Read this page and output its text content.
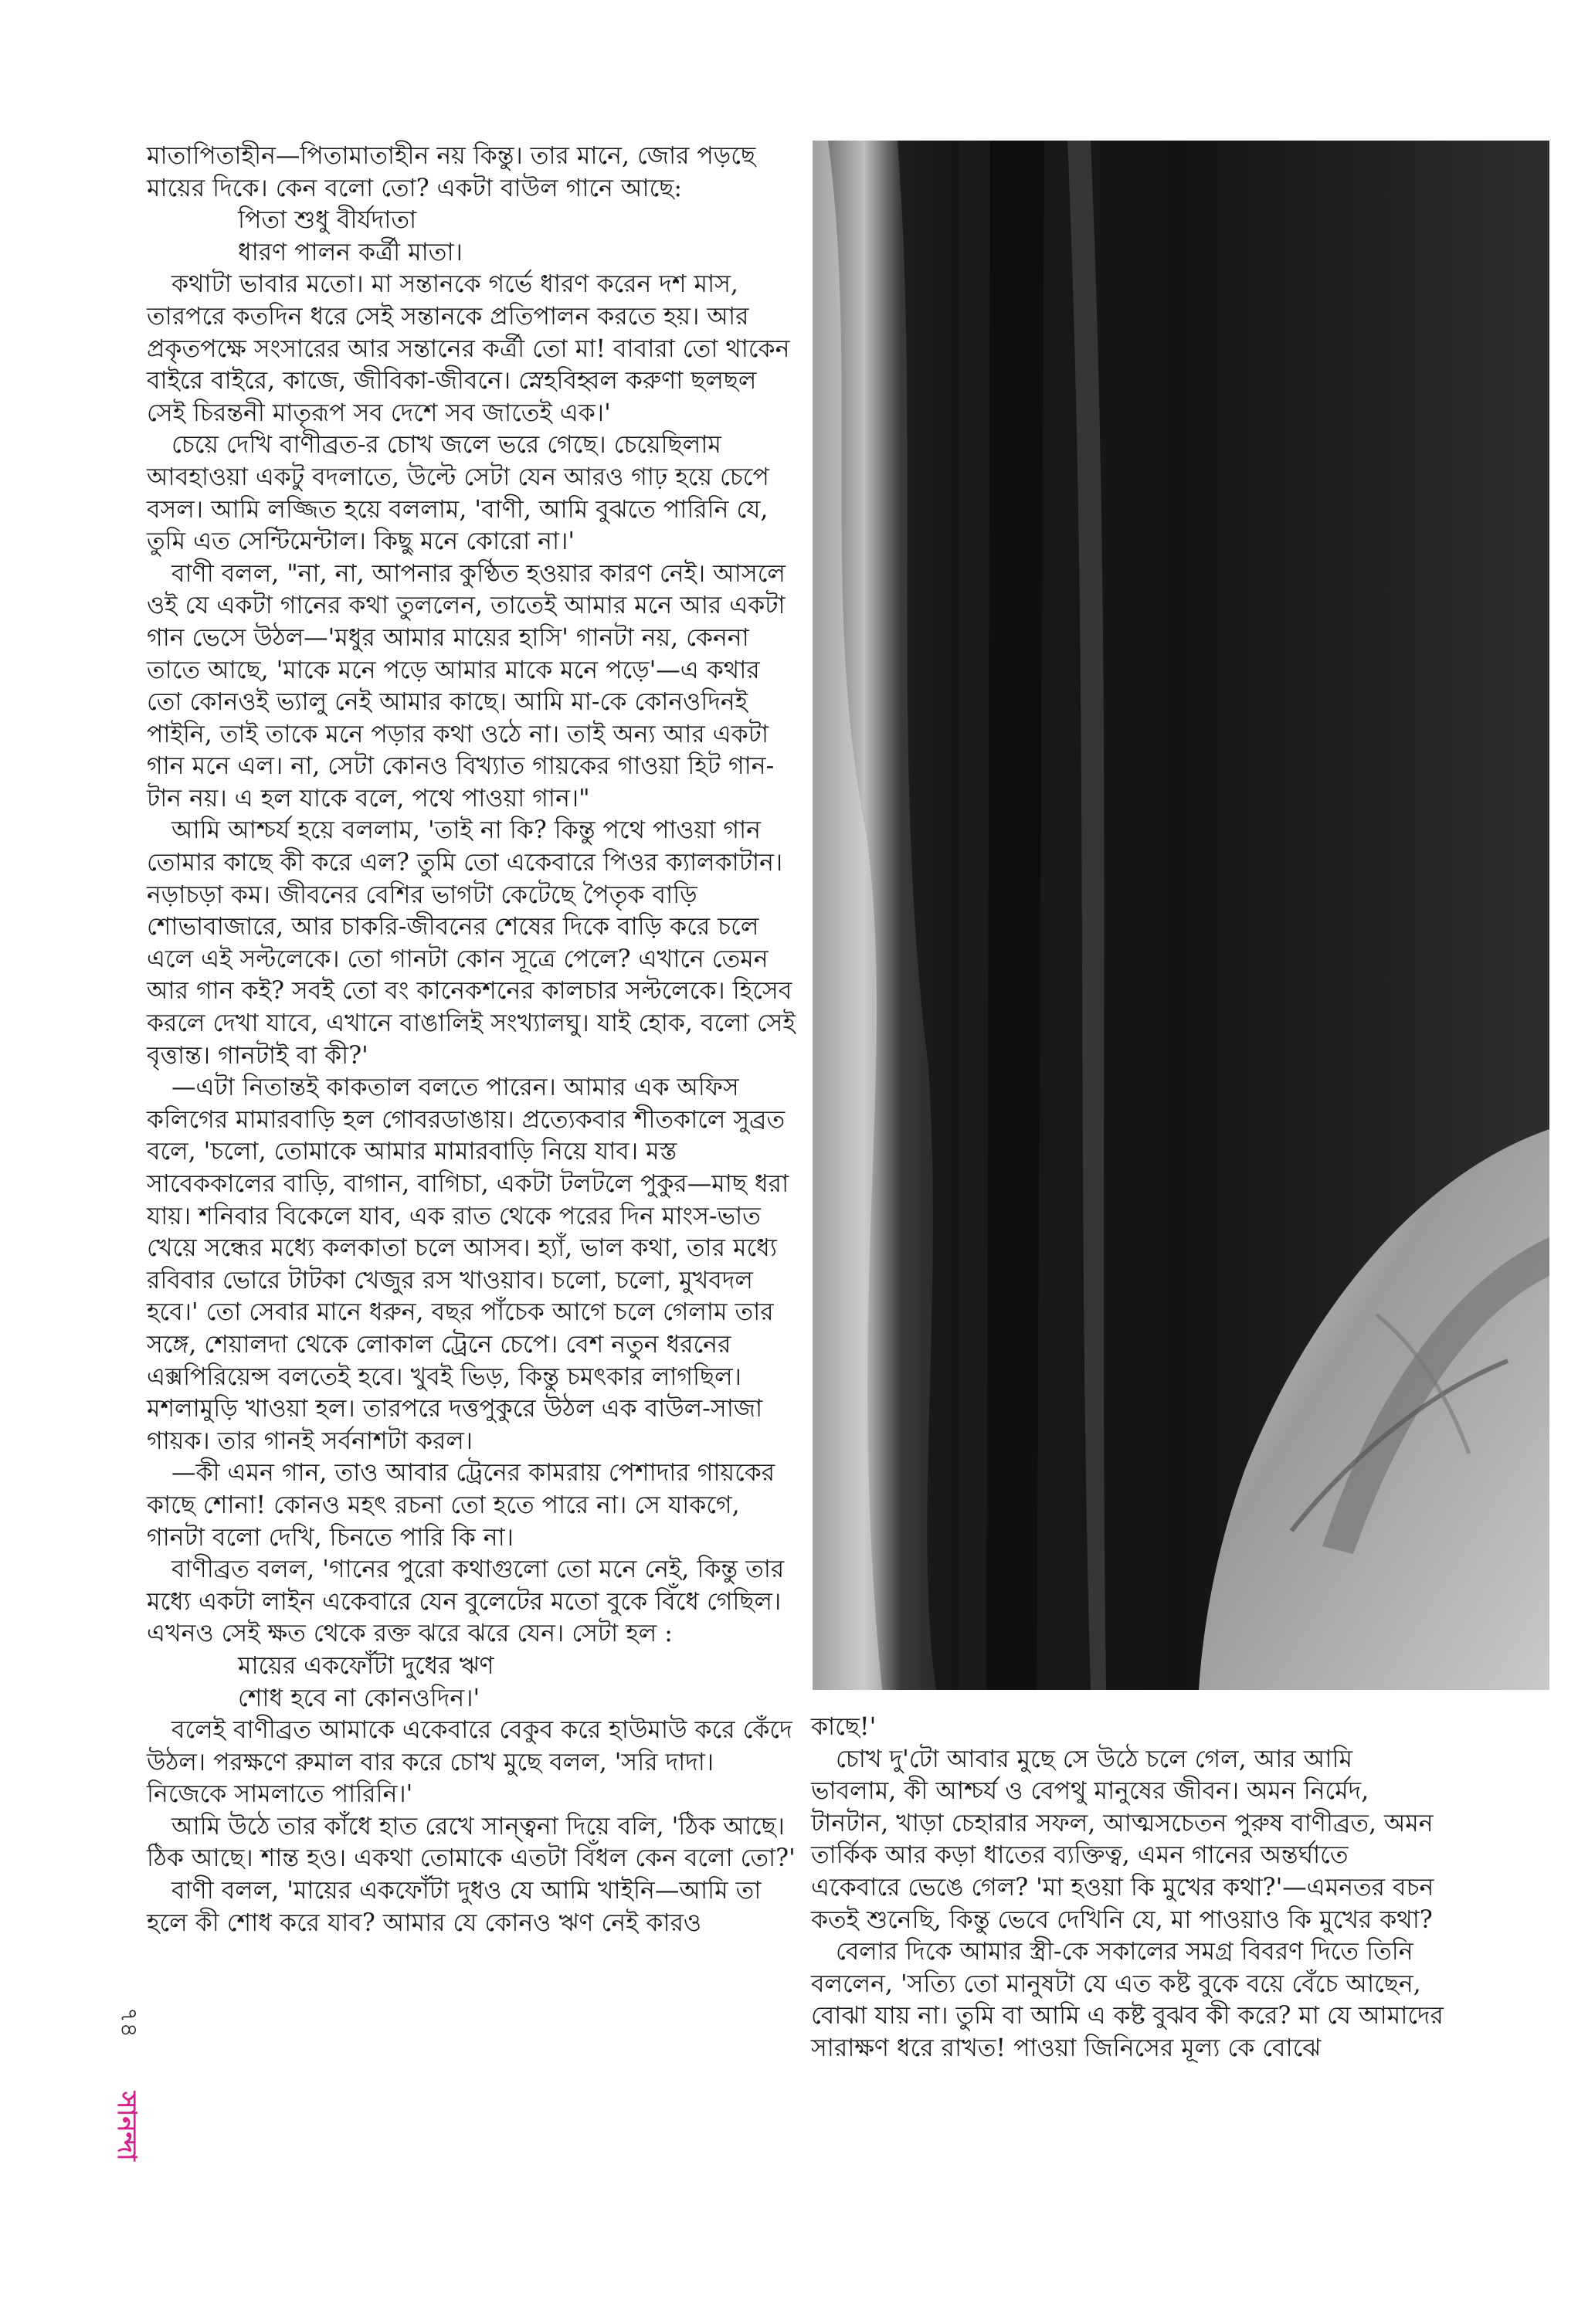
মাতাপিতাহীন—পিতামাতাহীন নয় কিন্তু। তার মানে, জোর পড়ছে মায়ের দিকে। কেন বলো তো? একটা বাউল গানে আছে:

পিতা শুধু বীর্যদাতা

ধারণ পালন কর্ত্রী মাতা।

কথাটা ভাবার মতো। মা সন্তানকে গর্ভে ধারণ করেন দশ মাস, তারপরে কতদিন ধরে সেই সন্তানকে প্রতিপালন করতে হয়। আর প্রকৃতপক্ষে সংসারের আর সন্তানের কর্ত্রী তো মা! বাবারা তো থাকেন বাইরে বাইরে, কাজে, জীবিকা-জীবনে। স্নেহবিহ্বল করুণা ছলছল সেই চিরন্তনী মাতৃরূপ সব দেশে সব জাতেই এক।'

চেয়ে দেখি বাণীব্রত-র চোখ জলে ভরে গেছে। চেয়েছিলাম আবহাওয়া একটু বদলাতে, উল্টে সেটা যেন আরও গাঢ় হয়ে চেপে বসল। আমি লজ্জিত হয়ে বললাম, 'বাণী, আমি বুঝতে পারিনি যে, তুমি এত সেন্টিমেন্টাল। কিছু মনে কোরো না।'

বাণী বলল, "না, না, আপনার কুণ্ঠিত হওয়ার কারণ নেই। আসলে ওই যে একটা গানের কথা তুললেন, তাতেই আমার মনে আর একটা গান ভেসে উঠল—'মধুর আমার মায়ের হাসি' গানটা নয়, কেননা তাতে আছে, 'মাকে মনে পড়ে আমার মাকে মনে পড়ে'—এ কথার তো কোনওই ভ্যালু নেই আমার কাছে। আমি মা-কে কোনওদিনই পাইনি, তাই তাকে মনে পড়ার কথা ওঠে না। তাই অন্য আর একটা গান মনে এল। না, সেটা কোনও বিখ্যাত গায়কের গাওয়া হিট গান-টান নয়। এ হল যাকে বলে, পথে পাওয়া গান।"

আমি আশ্চর্য হয়ে বললাম, 'তাই না কি? কিন্তু পথে পাওয়া গান তোমার কাছে কী করে এল? তুমি তো একেবারে পিওর ক্যালকাটান। নড়াচড়া কম। জীবনের বেশির ভাগটা কেটেছে পৈতৃক বাড়ি শোভাবাজারে, আর চাকরি-জীবনের শেষের দিকে বাড়ি করে চলে এলে এই সল্টলেকে। তো গানটা কোন সূত্রে পেলে? এখানে তেমন আর গান কই? সবই তো বং কানেকশনের কালচার সল্টলেকে। হিসেব করলে দেখা যাবে, এখানে বাঙালিই সংখ্যালঘু। যাই হোক, বলো সেই বৃত্তান্ত। গানটাই বা কী?'

—এটা নিতান্তই কাকতাল বলতে পারেন। আমার এক অফিস কলিগের মামারবাড়ি হল গোবরডাঙায়। প্রত্যেকবার শীতকালে সুব্রত বলে, 'চলো, তোমাকে আমার মামারবাড়ি নিয়ে যাব। মস্ত সাবেককালের বাড়ি, বাগান, বাগিচা, একটা টলটলে পুকুর—মাছ ধরা যায়। শনিবার বিকেলে যাব, এক রাত থেকে পরের দিন মাংস-ভাত খেয়ে সন্ধের মধ্যে কলকাতা চলে আসব। হ্যাঁ, ভাল কথা, তার মধ্যে রবিবার ভোরে টাটকা খেজুর রস খাওয়াব। চলো, চলো, মুখবদল হবে।' তো সেবার মানে ধরুন, বছর পাঁচেক আগে চলে গেলাম তার সঙ্গে, শেয়ালদা থেকে লোকাল ট্রেনে চেপে। বেশ নতুন ধরনের এক্সপিরিয়েন্স বলতেই হবে। খুবই ভিড়, কিন্তু চমৎকার লাগছিল। মশলামুড়ি খাওয়া হল। তারপরে দত্তপুকুরে উঠল এক বাউল-সাজা গায়ক। তার গানই সর্বনাশটা করল।

—কী এমন গান, তাও আবার ট্রেনের কামরায় পেশাদার গায়কের কাছে শোনা! কোনও মহৎ রচনা তো হতে পারে না। সে যাকগে, গানটা বলো দেখি, চিনতে পারি কি না।

বাণীব্রত বলল, 'গানের পুরো কথাগুলো তো মনে নেই, কিন্তু তার মধ্যে একটা লাইন একেবারে যেন বুলেটের মতো বুকে বিঁধে গেছিল। এখনও সেই ক্ষত থেকে রক্ত ঝরে ঝরে যেন। সেটা হল :

মায়ের একফোঁটা দুধের ঋণ

শোধ হবে না কোনওদিন।'

বলেই বাণীব্রত আমাকে একেবারে বেকুব করে হাউমাউ করে কেঁদে উঠল। পরক্ষণে রুমাল বার করে চোখ মুছে বলল, 'সরি দাদা। নিজেকে সামলাতে পারিনি।'

আমি উঠে তার কাঁধে হাত রেখে সান্ত্বনা দিয়ে বলি, 'ঠিক আছে। ঠিক আছে। শান্ত হও। একথা তোমাকে এতটা বিঁধল কেন বলো তো?'

বাণী বলল, 'মায়ের একফোঁটা দুধও যে আমি খাইনি—আমি তা হলে কী শোধ করে যাব? আমার যে কোনও ঋণ নেই কারও

কাছে!'

চোখ দু'টো আবার মুছে সে উঠে চলে গেল, আর আমি ভাবলাম, কী আশ্চর্য ও বেপথু মানুষের জীবন। অমন নির্মেদ, টানটান, খাড়া চেহারার সফল, আত্মসচেতন পুরুষ বাণীব্রত, অমন তার্কিক আর কড়া ধাতের ব্যক্তিত্ব, এমন গানের অন্তর্ঘাতে একেবারে ভেঙে গেল? 'মা হওয়া কি মুখের কথা?'—এমনতর বচন কতই শুনেছি, কিন্তু ভেবে দেখিনি যে, মা পাওয়াও কি মুখের কথা?

বেলার দিকে আমার স্ত্রী-কে সকালের সমগ্র বিবরণ দিতে তিনি বললেন, 'সত্যি তো মানুষটা যে এত কষ্ট বুকে বয়ে বেঁচে আছেন, বোঝা যায় না। তুমি বা আমি এ কষ্ট বুঝব কী করে? মা যে আমাদের সারাক্ষণ ধরে রাখত! পাওয়া জিনিসের মূল্য কে বোঝে

৭৪
সানন্দা
